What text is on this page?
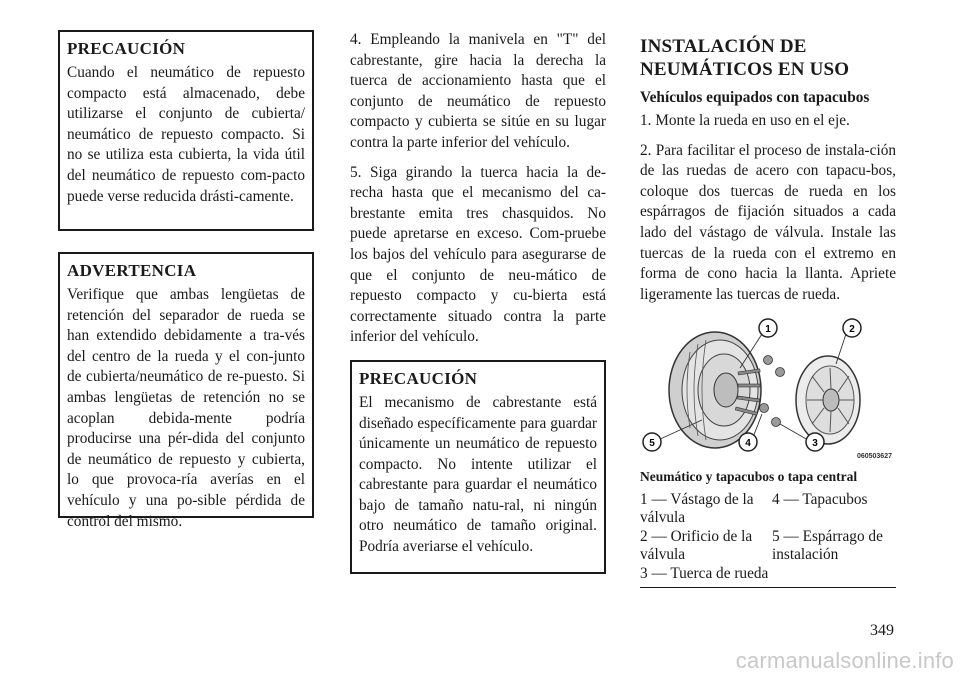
PRECAUCIÓN

Cuando el neumático de repuesto compacto está almacenado, debe utilizarse el conjunto de cubierta/ neumático de repuesto compacto. Si no se utiliza esta cubierta, la vida útil del neumático de repuesto com-pacto puede verse reducida drásti-camente.

ADVERTENCIA

Verifique que ambas lengüetas de retención del separador de rueda se han extendido debidamente a tra-vés del centro de la rueda y el con-junto de cubierta/neumático de re-puesto. Si ambas lengüetas de retención no se acoplan debida-mente podría producirse una pér-dida del conjunto de neumático de repuesto y cubierta, lo que provoca-ría averías en el vehículo y una po-sible pérdida de control del mismo.

4. Empleando la manivela en "T" del cabrestante, gire hacia la derecha la tuerca de accionamiento hasta que el conjunto de neumático de repuesto compacto y cubierta se sitúe en su lugar contra la parte inferior del vehículo.

5. Siga girando la tuerca hacia la de-recha hasta que el mecanismo del ca-brestante emita tres chasquidos. No puede apretarse en exceso. Com-pruebe los bajos del vehículo para asegurarse de que el conjunto de neu-mático de repuesto compacto y cu-bierta está correctamente situado contra la parte inferior del vehículo.

PRECAUCIÓN

El mecanismo de cabrestante está diseñado específicamente para guardar únicamente un neumático de repuesto compacto. No intente utilizar el cabrestante para guardar el neumático bajo de tamaño natu-ral, ni ningún otro neumático de tamaño original. Podría averiarse el vehículo.

INSTALACIÓN DE NEUMÁTICOS EN USO
Vehículos equipados con tapacubos

1. Monte la rueda en uso en el eje.

2. Para facilitar el proceso de instala-ción de las ruedas de acero con tapacu-bos, coloque dos tuercas de rueda en los espárragos de fijación situados a cada lado del vástago de válvula. Instale las tuercas de la rueda con el extremo en forma de cono hacia la llanta. Apriete ligeramente las tuercas de rueda.

1	2
3
4
5
060503627
Neumático y tapacubos o tapa central
1 — Vástago de la válvula
4 — Tapacubos
2 — Orificio de la válvula
5 — Espárrago de instalación
3 — Tuerca de rueda
349
carmanualsonline.info
